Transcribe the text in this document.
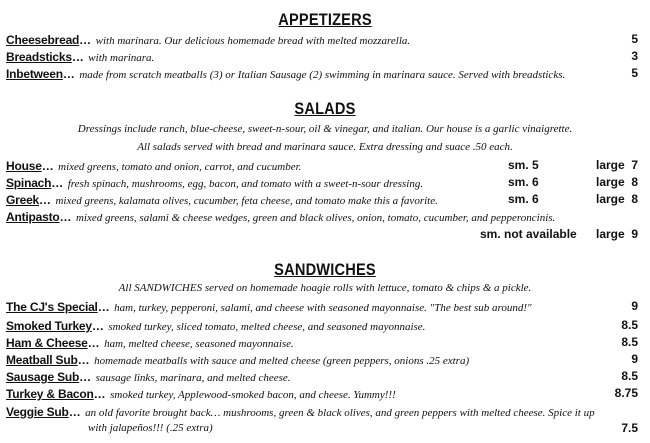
APPETIZERS
Cheesebread… with marinara. Our delicious homemade bread with melted mozzarella.	5
Breadsticks… with marinara.	3
Inbetween… made from scratch meatballs (3) or Italian Sausage (2) swimming in marinara sauce. Served with breadsticks.	5
SALADS
Dressings include ranch, blue-cheese, sweet-n-sour, oil & vinegar, and italian. Our house is a garlic vinaigrette.
All salads served with bread and marinara sauce. Extra dressing and suace .50 each.
House… mixed greens, tomato and onion, carrot, and cucumber.	sm. 5	large 7
Spinach… fresh spinach, mushrooms, egg, bacon, and tomato with a sweet-n-sour dressing.	sm. 6	large 8
Greek… mixed greens, kalamata olives, cucumber, feta cheese, and tomato make this a favorite.	sm. 6	large 8
Antipasto… mixed greens, salami & cheese wedges, green and black olives, onion, tomato, cucumber, and pepperoncinis.
sm. not available large 9
SANDWICHES
All SANDWICHES served on homemade hoagie rolls with lettuce, tomato & chips & a pickle.
The CJ's Special… ham, turkey, pepperoni, salami, and cheese with seasoned mayonnaise. "The best sub around!"	9
Smoked Turkey… smoked turkey, sliced tomato, melted cheese, and seasoned mayonnaise.	8.5
Ham & Cheese… ham, melted cheese, seasoned mayonnaise.	8.5
Meatball Sub… homemade meatballs with sauce and melted cheese (green peppers, onions .25 extra)	9
Sausage Sub… sausage links, marinara, and melted cheese.	8.5
Turkey & Bacon… smoked turkey, Applewood-smoked bacon, and cheese. Yummy!!!	8.75
Veggie Sub… an old favorite brought back… mushrooms, green & black olives, and green peppers with melted cheese. Spice it up
with jalapeños!!! (.25 extra)	7.5
